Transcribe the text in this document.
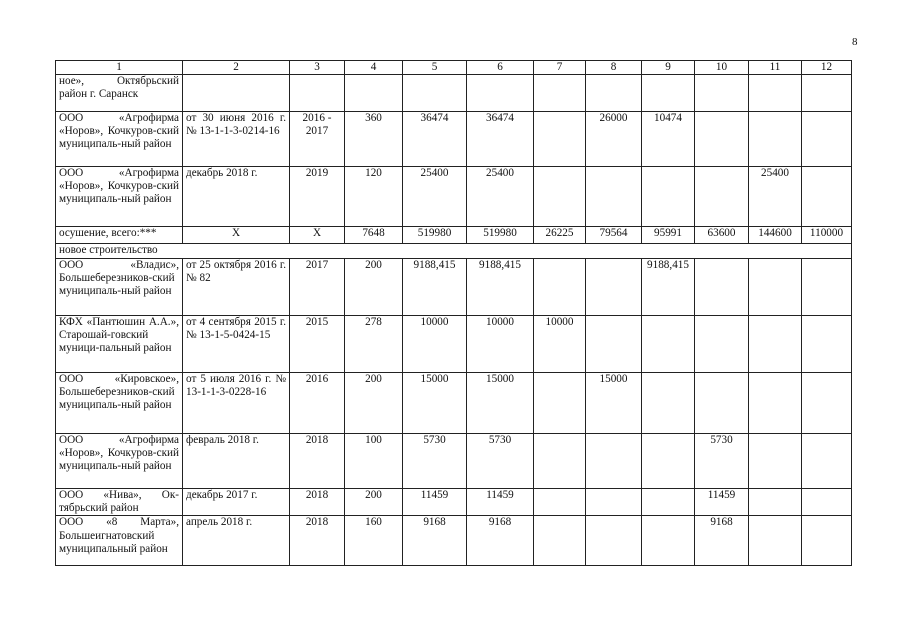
8
1	2	3	4	5	6	7	8	9	10	11	12
ное», Октябрьский район г. Саранск											
ООО «Агрофирма «Норов», Кочкуров-ский муниципаль-ный район	от 30 июня 2016 г. № 13-1-1-3-0214-16	2016 - 2017	360	36474	36474		26000	10474			
ООО «Агрофирма «Норов», Кочкуров-ский муниципаль-ный район	декабрь 2018 г.	2019	120	25400	25400					25400	
осушение, всего:***	X	X	7648	519980	519980	26225	79564	95991	63600	144600	110000
новое строительство											
ООО «Владис», Большеберезников-ский муниципаль-ный район	от 25 октября 2016 г. № 82	2017	200	9188,415	9188,415			9188,415			
КФХ «Пантюшин А.А.», Старошай-говский муници-пальный район	от 4 сентября 2015 г. № 13-1-5-0424-15	2015	278	10000	10000	10000					
ООО «Кировское», Большеберезников-ский муниципаль-ный район	от 5 июля 2016 г. № 13-1-1-3-0228-16	2016	200	15000	15000		15000				
ООО «Агрофирма «Норов», Кочкуров-ский муниципаль-ный район	февраль 2018 г.	2018	100	5730	5730				5730		
ООО «Нива», Ок-тябрьский район	декабрь 2017 г.	2018	200	11459	11459				11459		
ООО «8 Марта», Большеигнатовский муниципальный район	апрель 2018 г.	2018	160	9168	9168				9168		
